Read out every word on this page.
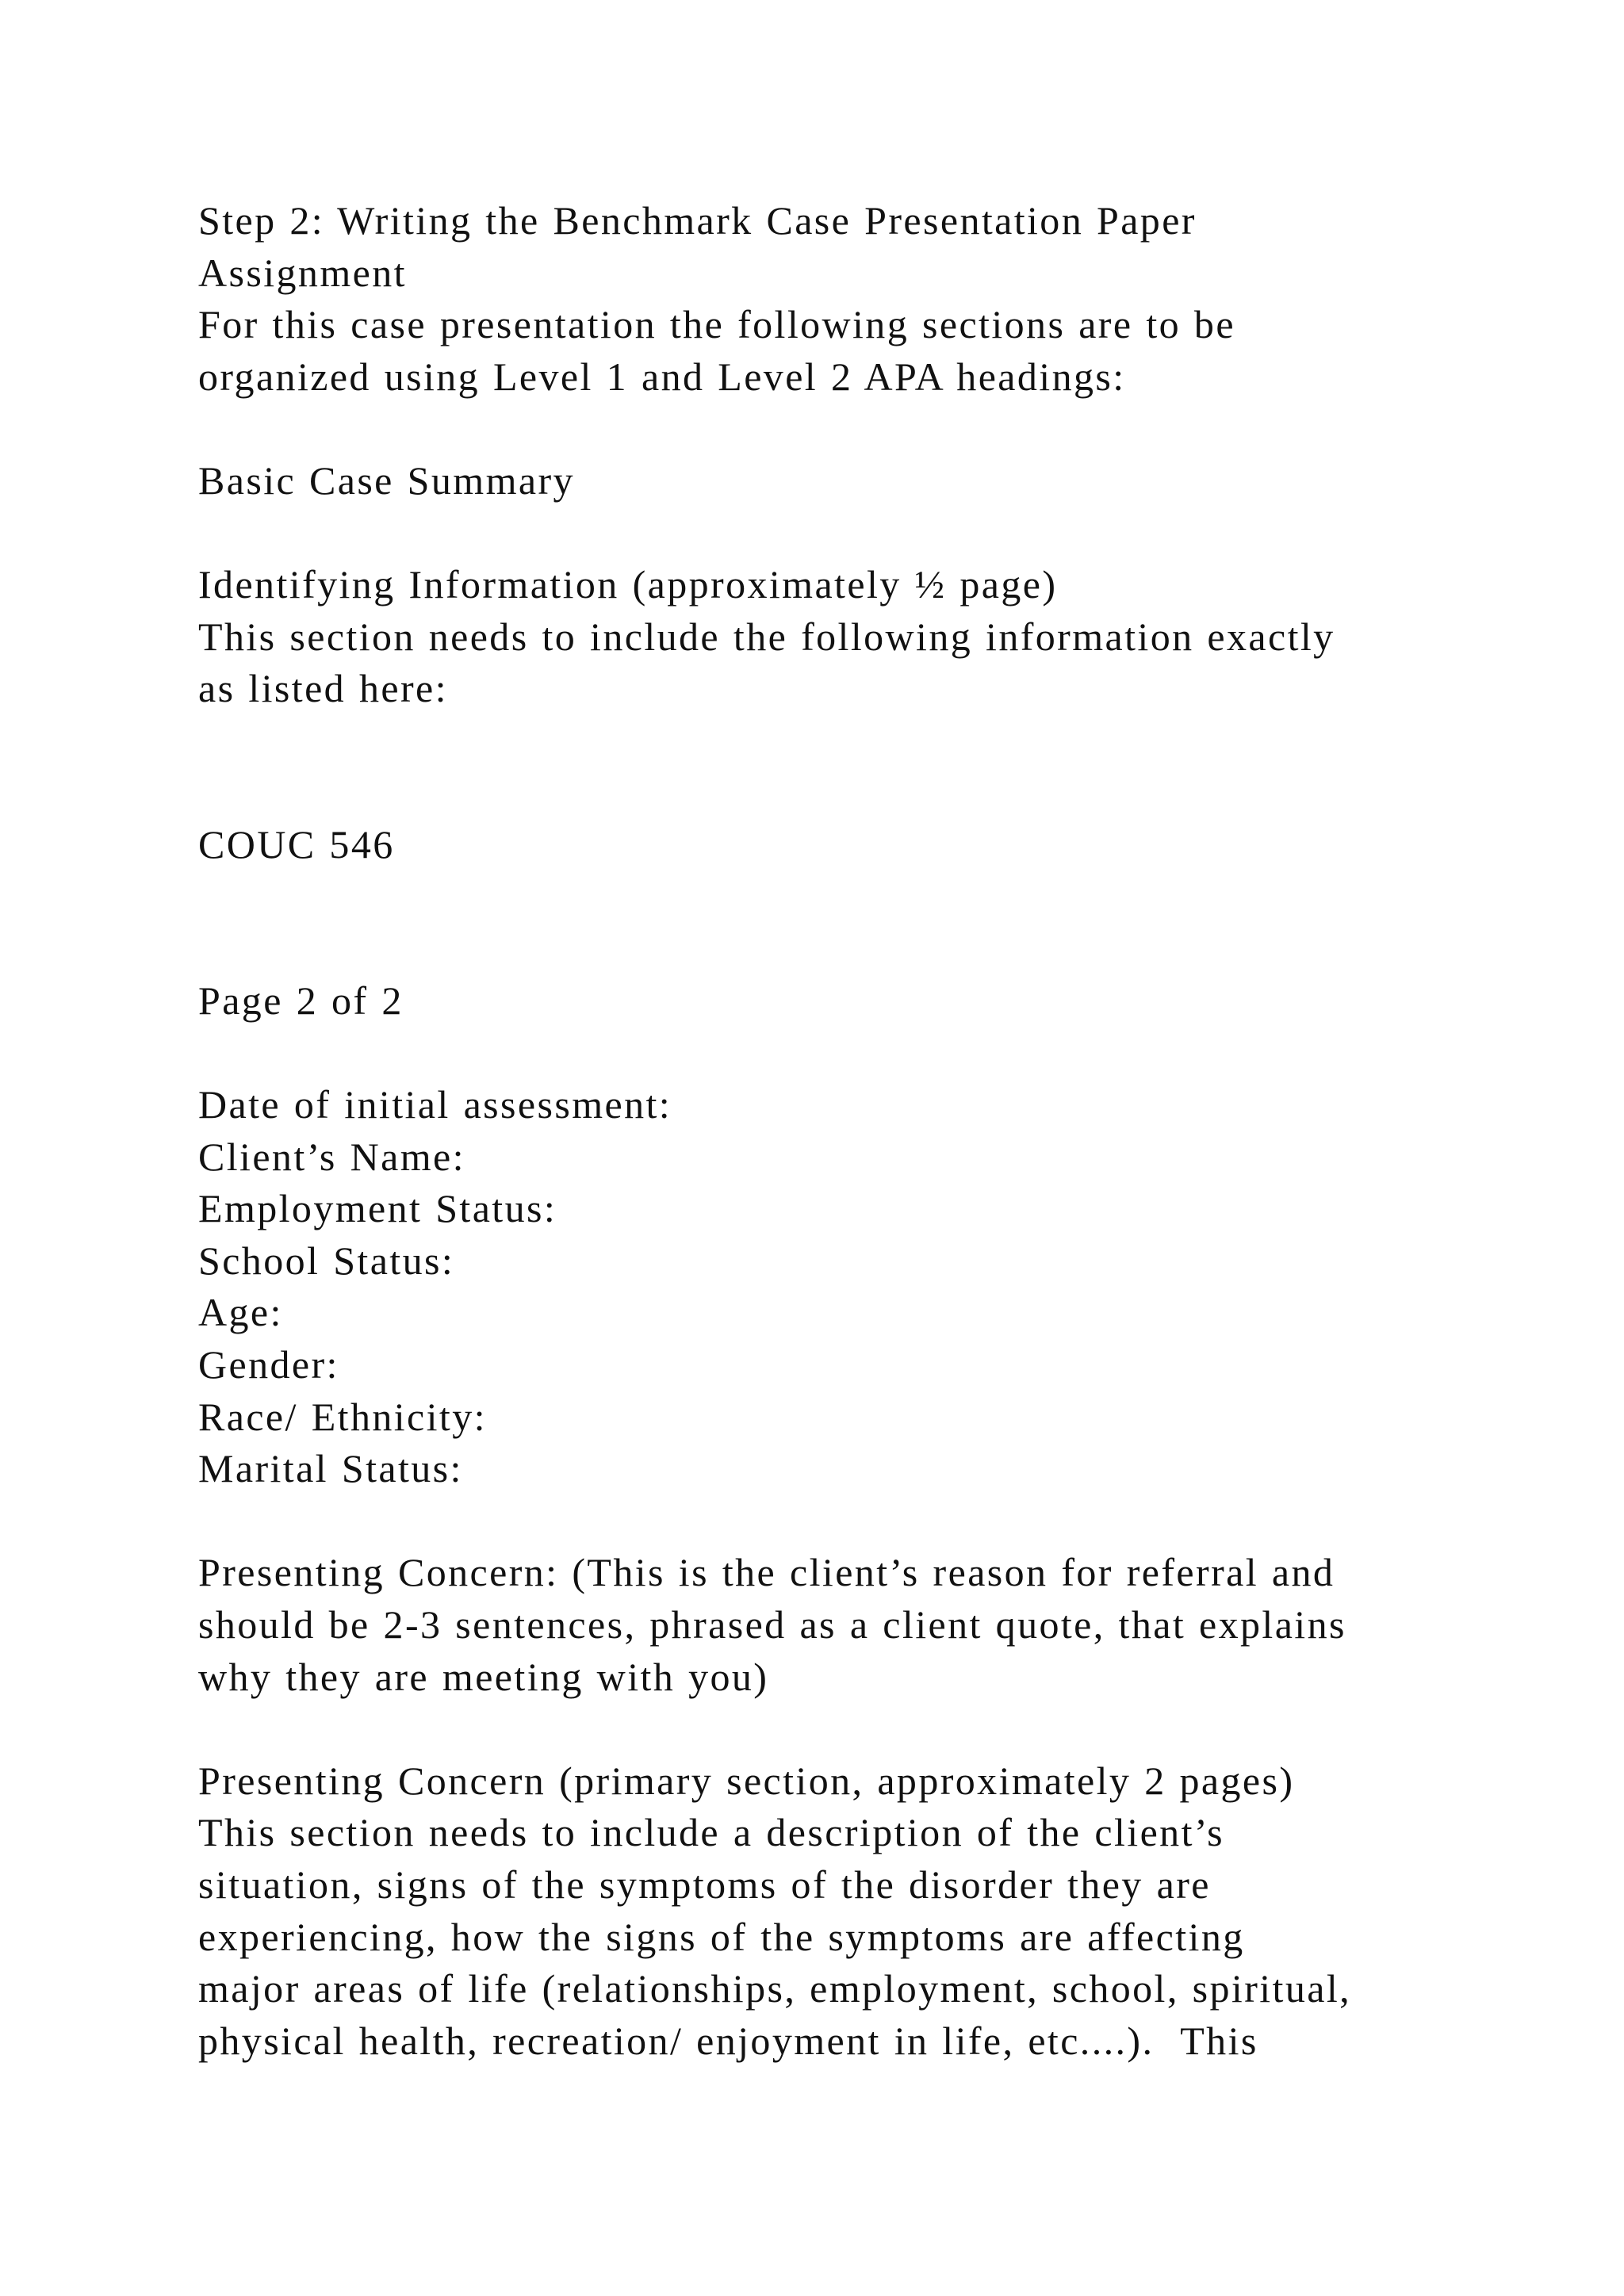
Step 2: Writing the Benchmark Case Presentation Paper
Assignment
For this case presentation the following sections are to be
organized using Level 1 and Level 2 APA headings:
Basic Case Summary
Identifying Information (approximately ½ page)
This section needs to include the following information exactly
as listed here:
COUC 546
Page 2 of 2
Date of initial assessment:
Client’s Name:
Employment Status:
School Status:
Age:
Gender:
Race/ Ethnicity:
Marital Status:
Presenting Concern: (This is the client’s reason for referral and
should be 2-3 sentences, phrased as a client quote, that explains
why they are meeting with you)
Presenting Concern (primary section, approximately 2 pages)
This section needs to include a description of the client’s
situation, signs of the symptoms of the disorder they are
experiencing, how the signs of the symptoms are affecting
major areas of life (relationships, employment, school, spiritual,
physical health, recreation/ enjoyment in life, etc....).  This
